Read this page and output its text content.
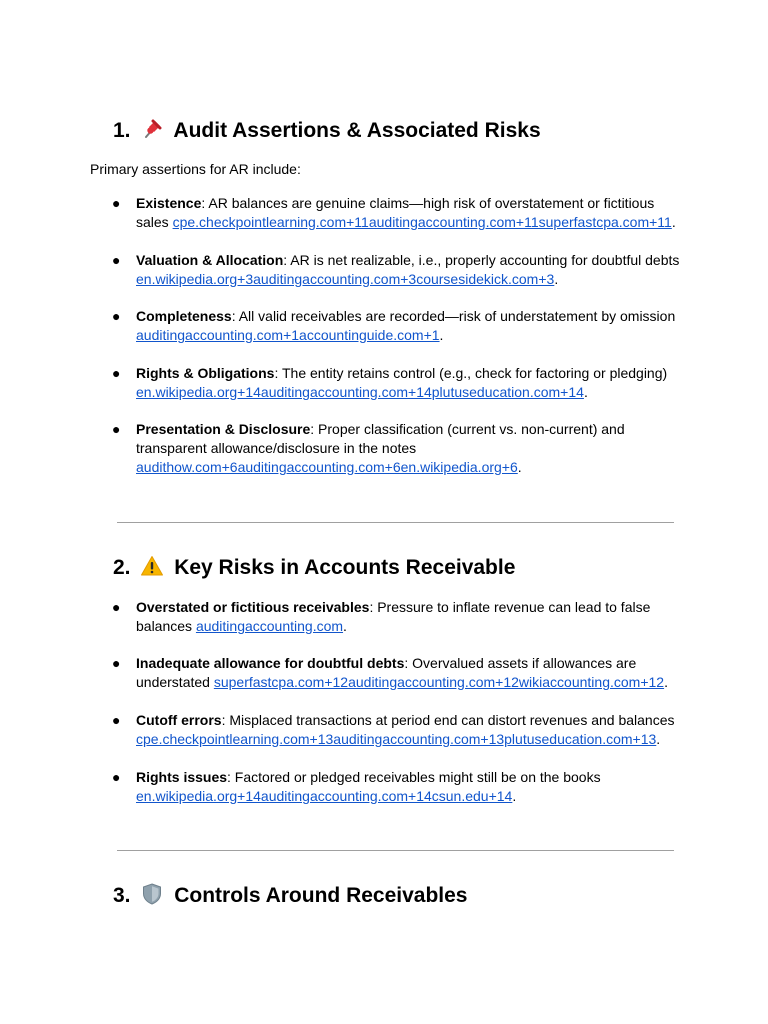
1. Audit Assertions & Associated Risks

Primary assertions for AR include:

● Existence: AR balances are genuine claims—high risk of overstatement or fictitious sales cpe.checkpointlearning.com+11auditingaccounting.com+11superfastcpa.com+11.
● Valuation & Allocation: AR is net realizable, i.e., properly accounting for doubtful debts en.wikipedia.org+3auditingaccounting.com+3coursesidekick.com+3.
● Completeness: All valid receivables are recorded—risk of understatement by omission auditingaccounting.com+1accountinguide.com+1.
● Rights & Obligations: The entity retains control (e.g., check for factoring or pledging) en.wikipedia.org+14auditingaccounting.com+14plutuseducation.com+14.
● Presentation & Disclosure: Proper classification (current vs. non-current) and transparent allowance/disclosure in the notes audithow.com+6auditingaccounting.com+6en.wikipedia.org+6.
2. Key Risks in Accounts Receivable
● Overstated or fictitious receivables: Pressure to inflate revenue can lead to false balances auditingaccounting.com.
● Inadequate allowance for doubtful debts: Overvalued assets if allowances are understated superfastcpa.com+12auditingaccounting.com+12wikiaccounting.com+12.
● Cutoff errors: Misplaced transactions at period end can distort revenues and balances cpe.checkpointlearning.com+13auditingaccounting.com+13plutuseducation.com+13.
● Rights issues: Factored or pledged receivables might still be on the books en.wikipedia.org+14auditingaccounting.com+14csun.edu+14.
3. Controls Around Receivables
